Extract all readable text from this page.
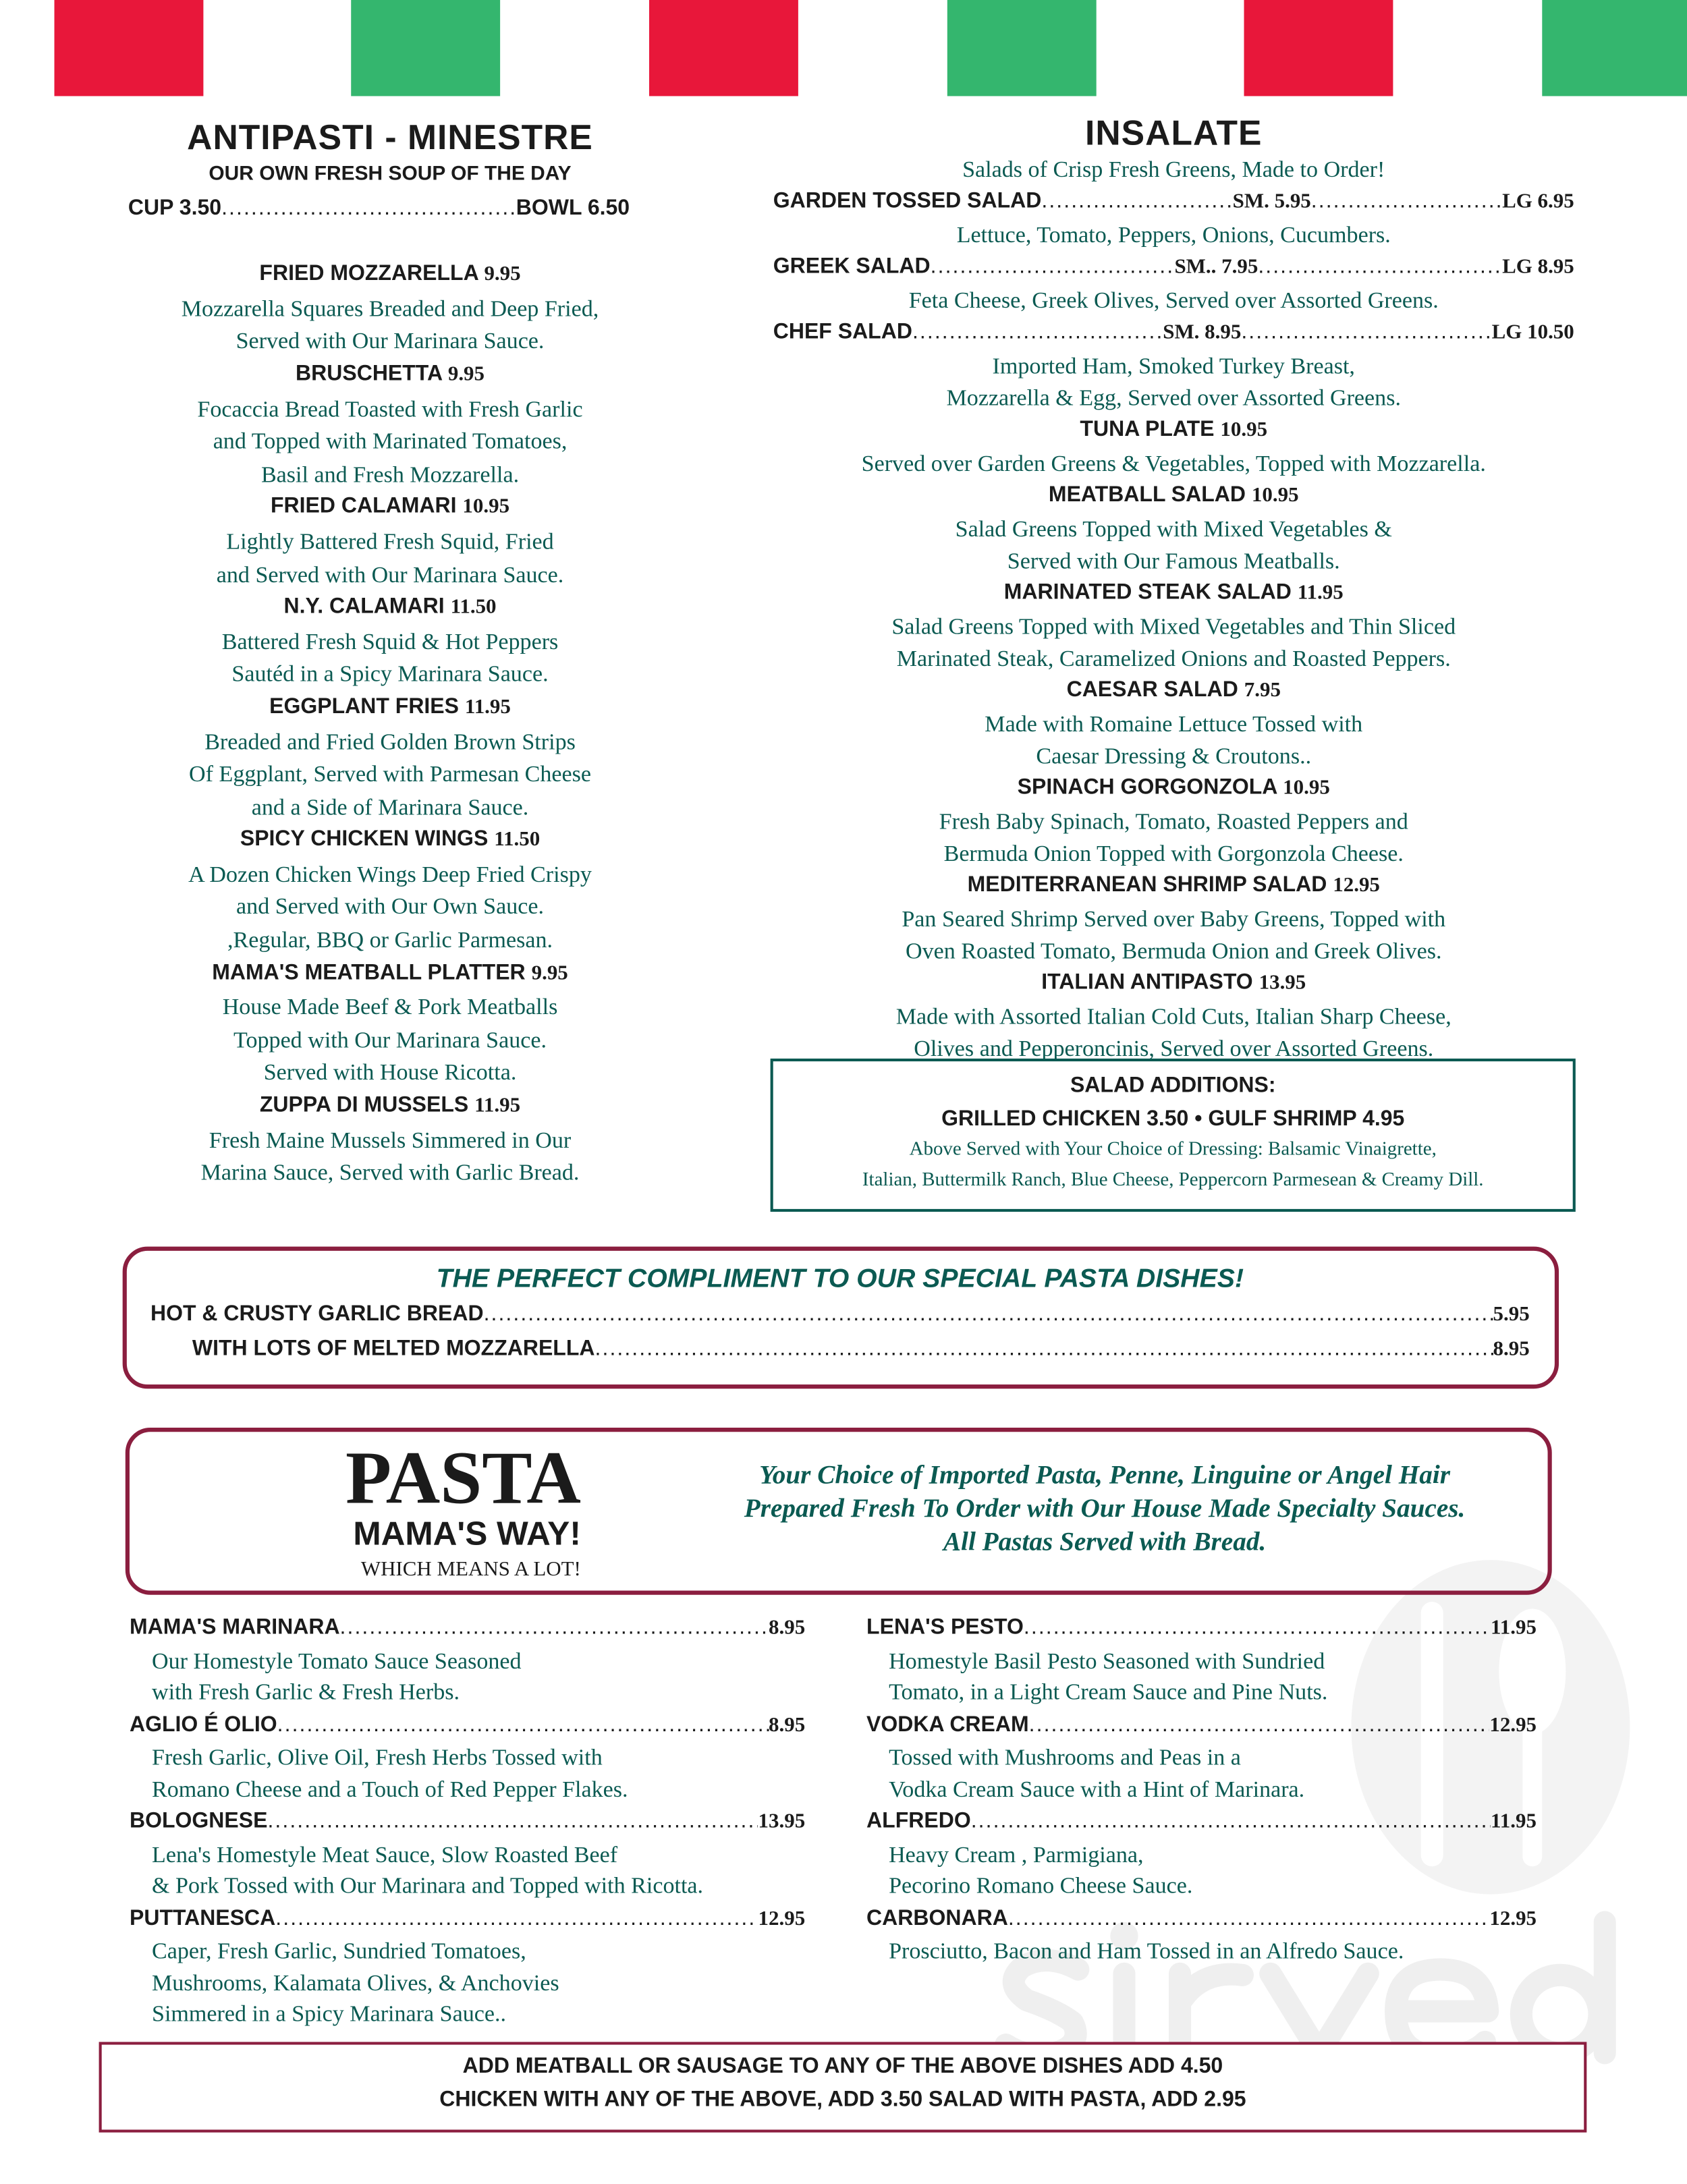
ANTIPASTI - MINESTRE
OUR OWN FRESH SOUP OF THE DAY
CUP 3.50 .....	BOWL 6.50
FRIED MOZZARELLA 9.95
Mozzarella Squares Breaded and Deep Fried,
Served with Our Marinara Sauce.
BRUSCHETTA 9.95
Focaccia Bread Toasted with Fresh Garlic
and Topped with Marinated Tomatoes,
Basil and Fresh Mozzarella.
FRIED CALAMARI 10.95
Lightly Battered Fresh Squid, Fried
and Served with Our Marinara Sauce.
N.Y. CALAMARI 11.50
Battered Fresh Squid & Hot Peppers
Sautéd in a Spicy Marinara Sauce.
EGGPLANT FRIES 11.95
Breaded and Fried Golden Brown Strips
Of Eggplant, Served with Parmesan Cheese
and a Side of Marinara Sauce.
SPICY CHICKEN WINGS 11.50
A Dozen Chicken Wings Deep Fried Crispy
and Served with Our Own Sauce.
,Regular, BBQ or Garlic Parmesan.
MAMA'S MEATBALL PLATTER 9.95
House Made Beef & Pork Meatballs
Topped with Our Marinara Sauce.
Served with House Ricotta.
ZUPPA DI MUSSELS 11.95
Fresh Maine Mussels Simmered in Our
Marina Sauce, Served with Garlic Bread.
INSALATE
Salads of Crisp Fresh Greens, Made to Order!
GARDEN TOSSED SALAD .....	SM. 5.95 .....	LG 6.95
Lettuce, Tomato, Peppers, Onions, Cucumbers.
GREEK SALAD .....	SM.. 7.95 .....	LG 8.95
Feta Cheese, Greek Olives, Served over Assorted Greens.
CHEF SALAD .....	SM. 8.95 .....	LG 10.50
Imported Ham, Smoked Turkey Breast,
Mozzarella & Egg, Served over Assorted Greens.
TUNA PLATE 10.95
Served over Garden Greens & Vegetables, Topped with Mozzarella.
MEATBALL SALAD 10.95
Salad Greens Topped with Mixed Vegetables &
Served with Our Famous Meatballs.
MARINATED STEAK SALAD 11.95
Salad Greens Topped with Mixed Vegetables and Thin Sliced
Marinated Steak, Caramelized Onions and Roasted Peppers.
CAESAR SALAD 7.95
Made with Romaine Lettuce Tossed with
Caesar Dressing & Croutons..
SPINACH GORGONZOLA 10.95
Fresh Baby Spinach, Tomato, Roasted Peppers and
Bermuda Onion Topped with Gorgonzola Cheese.
MEDITERRANEAN SHRIMP SALAD 12.95
Pan Seared Shrimp Served over Baby Greens, Topped with
Oven Roasted Tomato, Bermuda Onion and Greek Olives.
ITALIAN ANTIPASTO 13.95
Made with Assorted Italian Cold Cuts, Italian Sharp Cheese,
Olives and Pepperoncinis, Served over Assorted Greens.
SALAD ADDITIONS:
GRILLED CHICKEN 3.50 • GULF SHRIMP 4.95
Above Served with Your Choice of Dressing: Balsamic Vinaigrette,
Italian, Buttermilk Ranch, Blue Cheese, Peppercorn Parmesean & Creamy Dill.
THE PERFECT COMPLIMENT TO OUR SPECIAL PASTA DISHES!
HOT & CRUSTY GARLIC BREAD .....	5.95
WITH LOTS OF MELTED MOZZARELLA .....	8.95
PASTA
MAMA'S WAY!
WHICH MEANS A LOT!
Your Choice of Imported Pasta, Penne, Linguine or Angel Hair
Prepared Fresh To Order with Our House Made Specialty Sauces.
All Pastas Served with Bread.
MAMA'S MARINARA .....	8.95
Our Homestyle Tomato Sauce Seasoned
with Fresh Garlic & Fresh Herbs.
AGLIO É OLIO .....	8.95
Fresh Garlic, Olive Oil, Fresh Herbs Tossed with
Romano Cheese and a Touch of Red Pepper Flakes.
BOLOGNESE .....	13.95
Lena's Homestyle Meat Sauce, Slow Roasted Beef
& Pork Tossed with Our Marinara and Topped with Ricotta.
PUTTANESCA .....	12.95
Caper, Fresh Garlic, Sundried Tomatoes,
Mushrooms, Kalamata Olives, & Anchovies
Simmered in a Spicy Marinara Sauce..
LENA'S PESTO .....	11.95
Homestyle Basil Pesto Seasoned with Sundried
Tomato, in a Light Cream Sauce and Pine Nuts.
VODKA CREAM .....	12.95
Tossed with Mushrooms and Peas in a
Vodka Cream Sauce with a Hint of Marinara.
ALFREDO .....	11.95
Heavy Cream , Parmigiana,
Pecorino Romano Cheese Sauce.
CARBONARA .....	12.95
Prosciutto, Bacon and Ham Tossed in an Alfredo Sauce.
ADD MEATBALL OR SAUSAGE TO ANY OF THE ABOVE DISHES ADD 4.50
CHICKEN WITH ANY OF THE ABOVE, ADD 3.50 SALAD WITH PASTA, ADD 2.95
